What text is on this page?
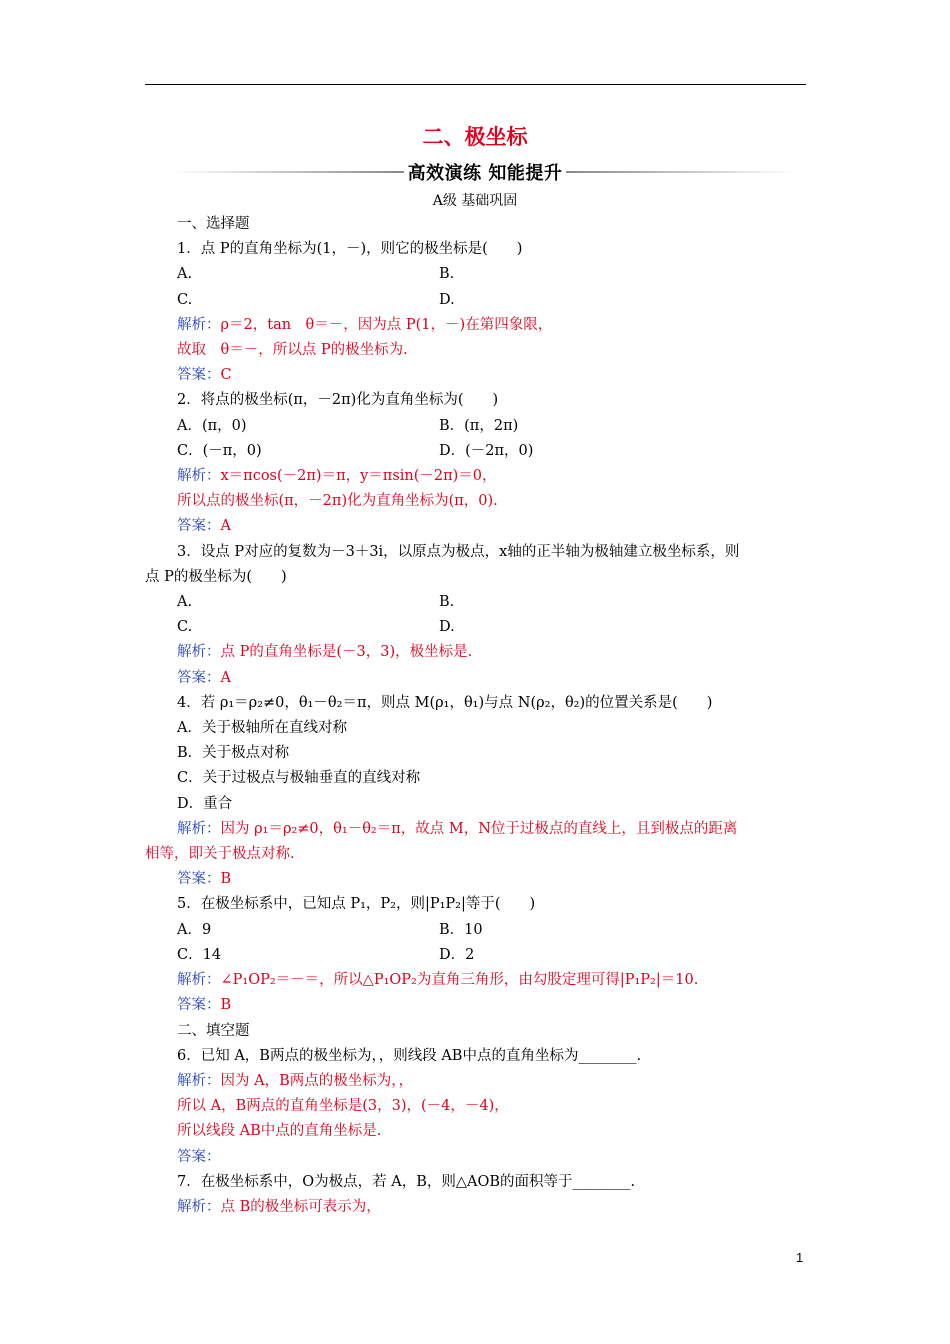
二、极坐标
高效演练 知能提升
A级 基础巩固
一、选择题
1．点 P的直角坐标为(1，－)，则它的极坐标是(　　)
A.	B.
C.	D.
解析：ρ＝2，tan　θ＝－，因为点 P(1，－)在第四象限，
故取　θ＝－，所以点 P的极坐标为.
答案：C
2．将点的极坐标(π，－2π)化为直角坐标为(　　)
A．(π，0)	B．(π，2π)
C．(－π，0)	D．(－2π，0)
解析：x＝πcos(－2π)＝π，y＝πsin(－2π)＝0，
所以点的极坐标(π，－2π)化为直角坐标为(π，0).
答案：A
3．设点 P对应的复数为－3＋3i，以原点为极点，x轴的正半轴为极轴建立极坐标系，则
点 P的极坐标为(　　)
A.	B.
C.	D.
解析：点 P的直角坐标是(－3，3)，极坐标是.
答案：A
4．若 ρ₁＝ρ₂≠0，θ₁－θ₂＝π，则点 M(ρ₁，θ₁)与点 N(ρ₂，θ₂)的位置关系是(　　)
A．关于极轴所在直线对称
B．关于极点对称
C．关于过极点与极轴垂直的直线对称
D．重合
解析：因为 ρ₁＝ρ₂≠0，θ₁－θ₂＝π，故点 M，N位于过极点的直线上，且到极点的距离
相等，即关于极点对称.
答案：B
5．在极坐标系中，已知点 P₁，P₂，则|P₁P₂|等于(　　)
A．9	B．10
C．14	D．2
解析：∠P₁OP₂＝－＝，所以△P₁OP₂为直角三角形，由勾股定理可得|P₁P₂|＝10.
答案：B
二、填空题
6．已知 A，B两点的极坐标为，，则线段 AB中点的直角坐标为________.
解析：因为 A，B两点的极坐标为，，
所以 A，B两点的直角坐标是(3，3)，(－4，－4)，
所以线段 AB中点的直角坐标是.
答案：
7．在极坐标系中，O为极点，若 A，B，则△AOB的面积等于________.
解析：点 B的极坐标可表示为，
1
